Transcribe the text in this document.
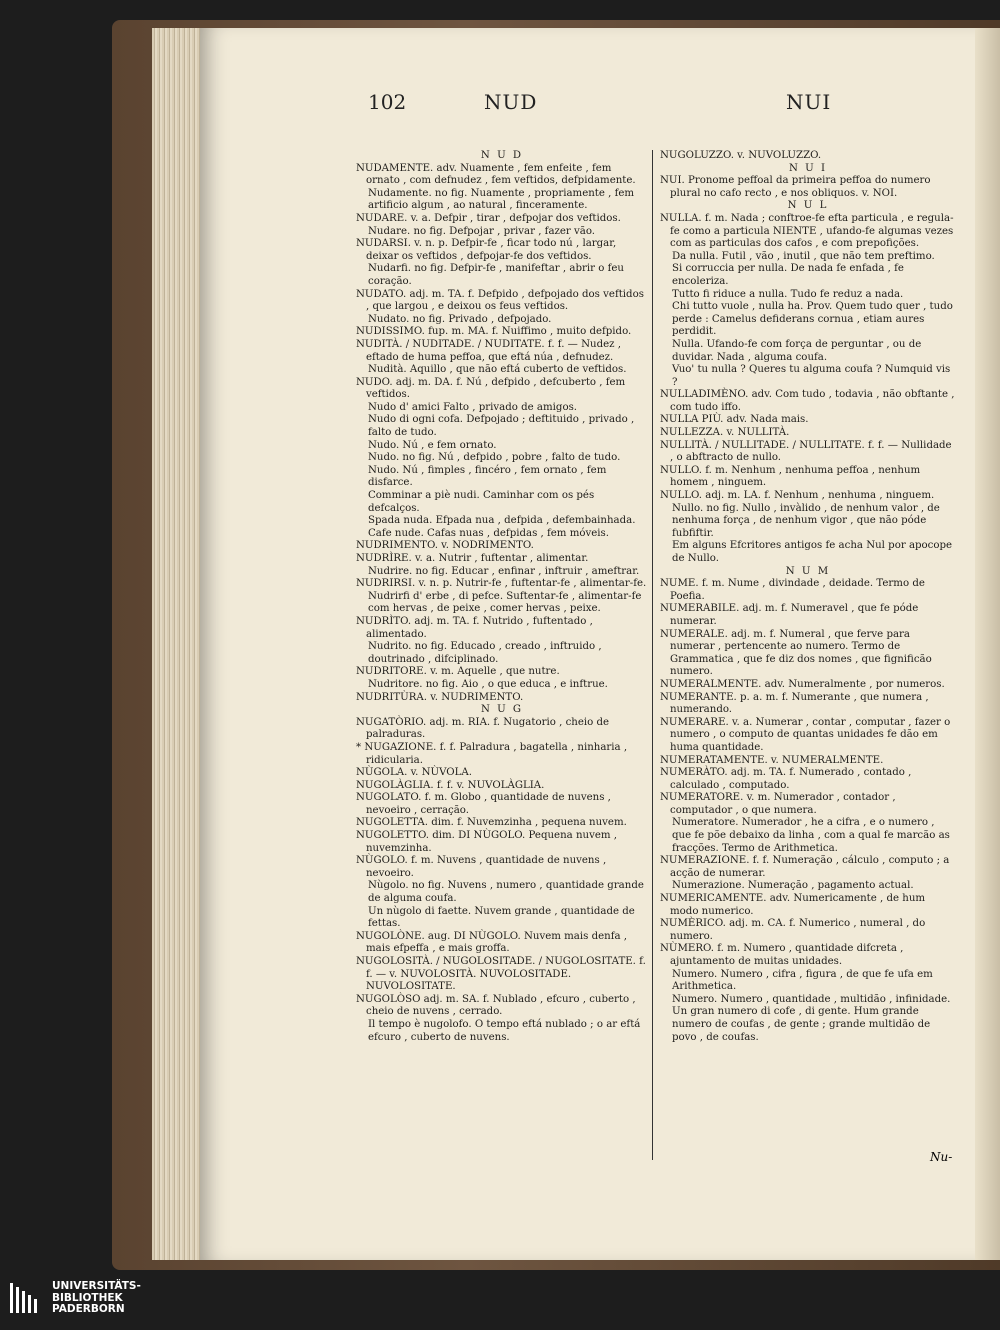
102	NUD	NUI

N U D

NUDAMENTE. adv. Nuamente , fem enfeite , fem ornato , com defnudez , fem veftidos, defpidamente.

Nudamente. no fig. Nuamente , propriamente , fem artificio algum , ao natural , finceramente.

NUDARE. v. a. Defpir , tirar , defpojar dos veftidos.

Nudare. no fig. Defpojar , privar , fazer vão.

NUDARSI. v. n. p. Defpir-fe , ficar todo nú , largar, deixar os veftidos , defpojar-fe dos veftidos.

Nudarfi. no fig. Defpir-fe , manifeftar , abrir o feu coração.

NUDATO. adj. m. TA. f. Defpido , defpojado dos veftidos , que largou , e deixou os feus veftidos.

Nudato. no fig. Privado , defpojado.

NUDISSIMO. fup. m. MA. f. Nuiffimo , muito defpido.

NUDITÀ. / NUDITADE. / NUDITATE. f. f. — Nudez , eftado de huma peffoa, que eftá núa , defnudez.

Nudità. Aquillo , que não eftá cuberto de veftidos.

NUDO. adj. m. DA. f. Nú , defpido , defcuberto , fem veftidos.

Nudo d' amici Falto , privado de amigos.

Nudo di ogni cofa. Defpojado ; deftituido , privado , falto de tudo.

Nudo. Nú , e fem ornato.

Nudo. no fig. Nú , defpido , pobre , falto de tudo.

Nudo. Nú , fimples , fincéro , fem ornato , fem disfarce.

Comminar a piè nudi. Caminhar com os pés defcalços.

Spada nuda. Efpada nua , defpida , defembainhada.

Cafe nude. Cafas nuas , defpidas , fem móveis.

NUDRIMENTO. v. NODRIMENTO.

NUDRÌRE. v. a. Nutrir , fuftentar , alimentar.

Nudrire. no fig. Educar , enfinar , inftruir , ameftrar.

NUDRIRSI. v. n. p. Nutrir-fe , fuftentar-fe , alimentar-fe.

Nudrirfi d' erbe , di pefce. Suftentar-fe , alimentar-fe com hervas , de peixe , comer hervas , peixe.

NUDRÌTO. adj. m. TA. f. Nutrido , fuftentado , alimentado.

Nudrito. no fig. Educado , creado , inftruido , doutrinado , difciplinado.

NUDRITORE. v. m. Aquelle , que nutre.

Nudritore. no fig. Aio , o que educa , e inftrue.

NUDRITÙRA. v. NUDRIMENTO.

N U G

NUGATÒRIO. adj. m. RIA. f. Nugatorio , cheio de palraduras.

* NUGAZIONE. f. f. Palradura , bagatella , ninharia , ridicularia.

NÙGOLA. v. NÙVOLA.

NUGOLÀGLIA. f. f. v. NUVOLÀGLIA.

NUGOLATO. f. m. Globo , quantidade de nuvens , nevoeiro , cerração.

NUGOLETTA. dim. f. Nuvemzinha , pequena nuvem.

NUGOLETTO. dim. DI NÙGOLO. Pequena nuvem , nuvemzinha.

NÙGOLO. f. m. Nuvens , quantidade de nuvens , nevoeiro.

Nùgolo. no fig. Nuvens , numero , quantidade grande de alguma coufa.

Un nùgolo di faette. Nuvem grande , quantidade de fettas.

NUGOLÒNE. aug. DI NÙGOLO. Nuvem mais denfa , mais efpeffa , e mais groffa.

NUGOLOSITÀ. / NUGOLOSITADE. / NUGOLOSITATE. f. f. — v. NUVOLOSITÀ. NUVOLOSITADE. NUVOLOSITATE.

NUGOLÒSO adj. m. SA. f. Nublado , efcuro , cuberto , cheio de nuvens , cerrado.

Il tempo è nugolofo. O tempo eftá nublado ; o ar eftá efcuro , cuberto de nuvens.

NUGOLUZZO. v. NUVOLUZZO.

N U I

NUI. Pronome peffoal da primeira peffoa do numero plural no cafo recto , e nos obliquos. v. NOI.

N U L

NULLA. f. m. Nada ; conftroe-fe efta particula , e regula-fe como a particula NIENTE , ufando-fe algumas vezes com as particulas dos cafos , e com prepofições.

Da nulla. Futil , vão , inutil , que não tem preftimo.

Si corruccia per nulla. De nada fe enfada , fe encoleriza.

Tutto fi riduce a nulla. Tudo fe reduz a nada.

Chi tutto vuole , nulla ha. Prov. Quem tudo quer , tudo perde : Camelus defiderans cornua , etiam aures perdidit.

Nulla. Ufando-fe com força de perguntar , ou de duvidar. Nada , alguma coufa.

Vuo' tu nulla ? Queres tu alguma coufa ? Numquid vis ?

NULLADIMÈNO. adv. Com tudo , todavia , não obftante , com tudo iffo.

NULLA PIÙ. adv. Nada mais.

NULLEZZA. v. NULLITÀ.

NULLITÀ. / NULLITADE. / NULLITATE. f. f. — Nullidade , o abftracto de nullo.

NULLO. f. m. Nenhum , nenhuma peffoa , nenhum homem , ninguem.

NULLO. adj. m. LA. f. Nenhum , nenhuma , ninguem.

Nullo. no fig. Nullo , invàlido , de nenhum valor , de nenhuma força , de nenhum vigor , que não póde fubfiftir.

Em alguns Efcritores antigos fe acha Nul por apocope de Nullo.

N U M

NUME. f. m. Nume , divindade , deidade. Termo de Poefia.

NUMERABILE. adj. m. f. Numeravel , que fe póde numerar.

NUMERALE. adj. m. f. Numeral , que ferve para numerar , pertencente ao numero. Termo de Grammatica , que fe diz dos nomes , que fignificão numero.

NUMERALMENTE. adv. Numeralmente , por numeros.

NUMERANTE. p. a. m. f. Numerante , que numera , numerando.

NUMERARE. v. a. Numerar , contar , computar , fazer o numero , o computo de quantas unidades fe dão em huma quantidade.

NUMERATAMENTE. v. NUMERALMENTE.

NUMERÀTO. adj. m. TA. f. Numerado , contado , calculado , computado.

NUMERATORE. v. m. Numerador , contador , computador , o que numera.

Numeratore. Numerador , he a cifra , e o numero , que fe põe debaixo da linha , com a qual fe marcão as fracções. Termo de Arithmetica.

NUMERAZIONE. f. f. Numeração , cálculo , computo ; a acção de numerar.

Numerazione. Numeração , pagamento actual.

NUMERICAMENTE. adv. Numericamente , de hum modo numerico.

NUMÈRICO. adj. m. CA. f. Numerico , numeral , do numero.

NÙMERO. f. m. Numero , quantidade difcreta , ajuntamento de muitas unidades.

Numero. Numero , cifra , figura , de que fe ufa em Arithmetica.

Numero. Numero , quantidade , multidão , infinidade.

Un gran numero di cofe , di gente. Hum grande numero de coufas , de gente ; grande multidão de povo , de coufas.

Nu-
UNIVERSITÄTS-
BIBLIOTHEK
PADERBORN
